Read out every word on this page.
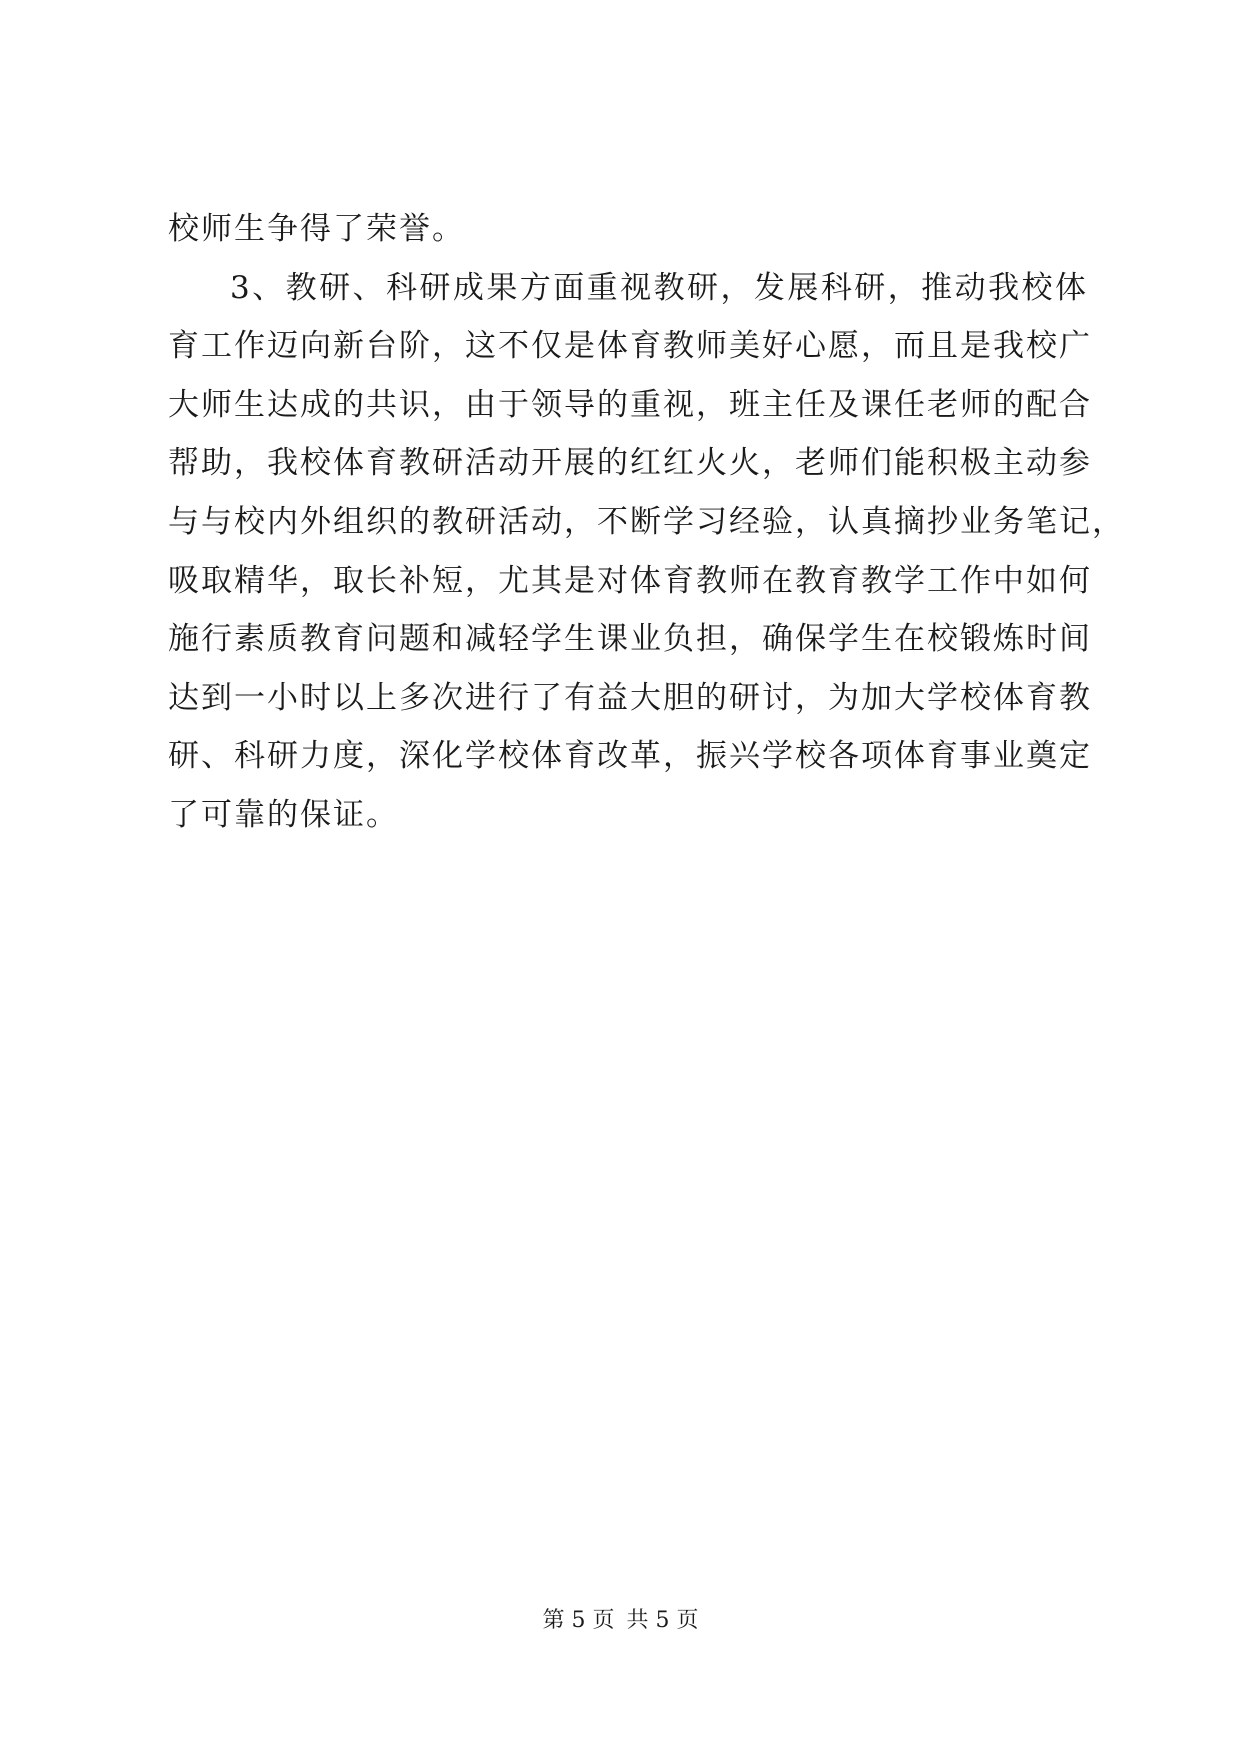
校师生争得了荣誉。
3、教研、科研成果方面重视教研，发展科研，推动我校体
育工作迈向新台阶，这不仅是体育教师美好心愿，而且是我校广
大师生达成的共识，由于领导的重视，班主任及课任老师的配合
帮助，我校体育教研活动开展的红红火火，老师们能积极主动参
与与校内外组织的教研活动，不断学习经验，认真摘抄业务笔记，
吸取精华，取长补短，尤其是对体育教师在教育教学工作中如何
施行素质教育问题和减轻学生课业负担，确保学生在校锻炼时间
达到一小时以上多次进行了有益大胆的研讨，为加大学校体育教
研、科研力度，深化学校体育改革，振兴学校各项体育事业奠定
了可靠的保证。
第 5 页 共 5 页
